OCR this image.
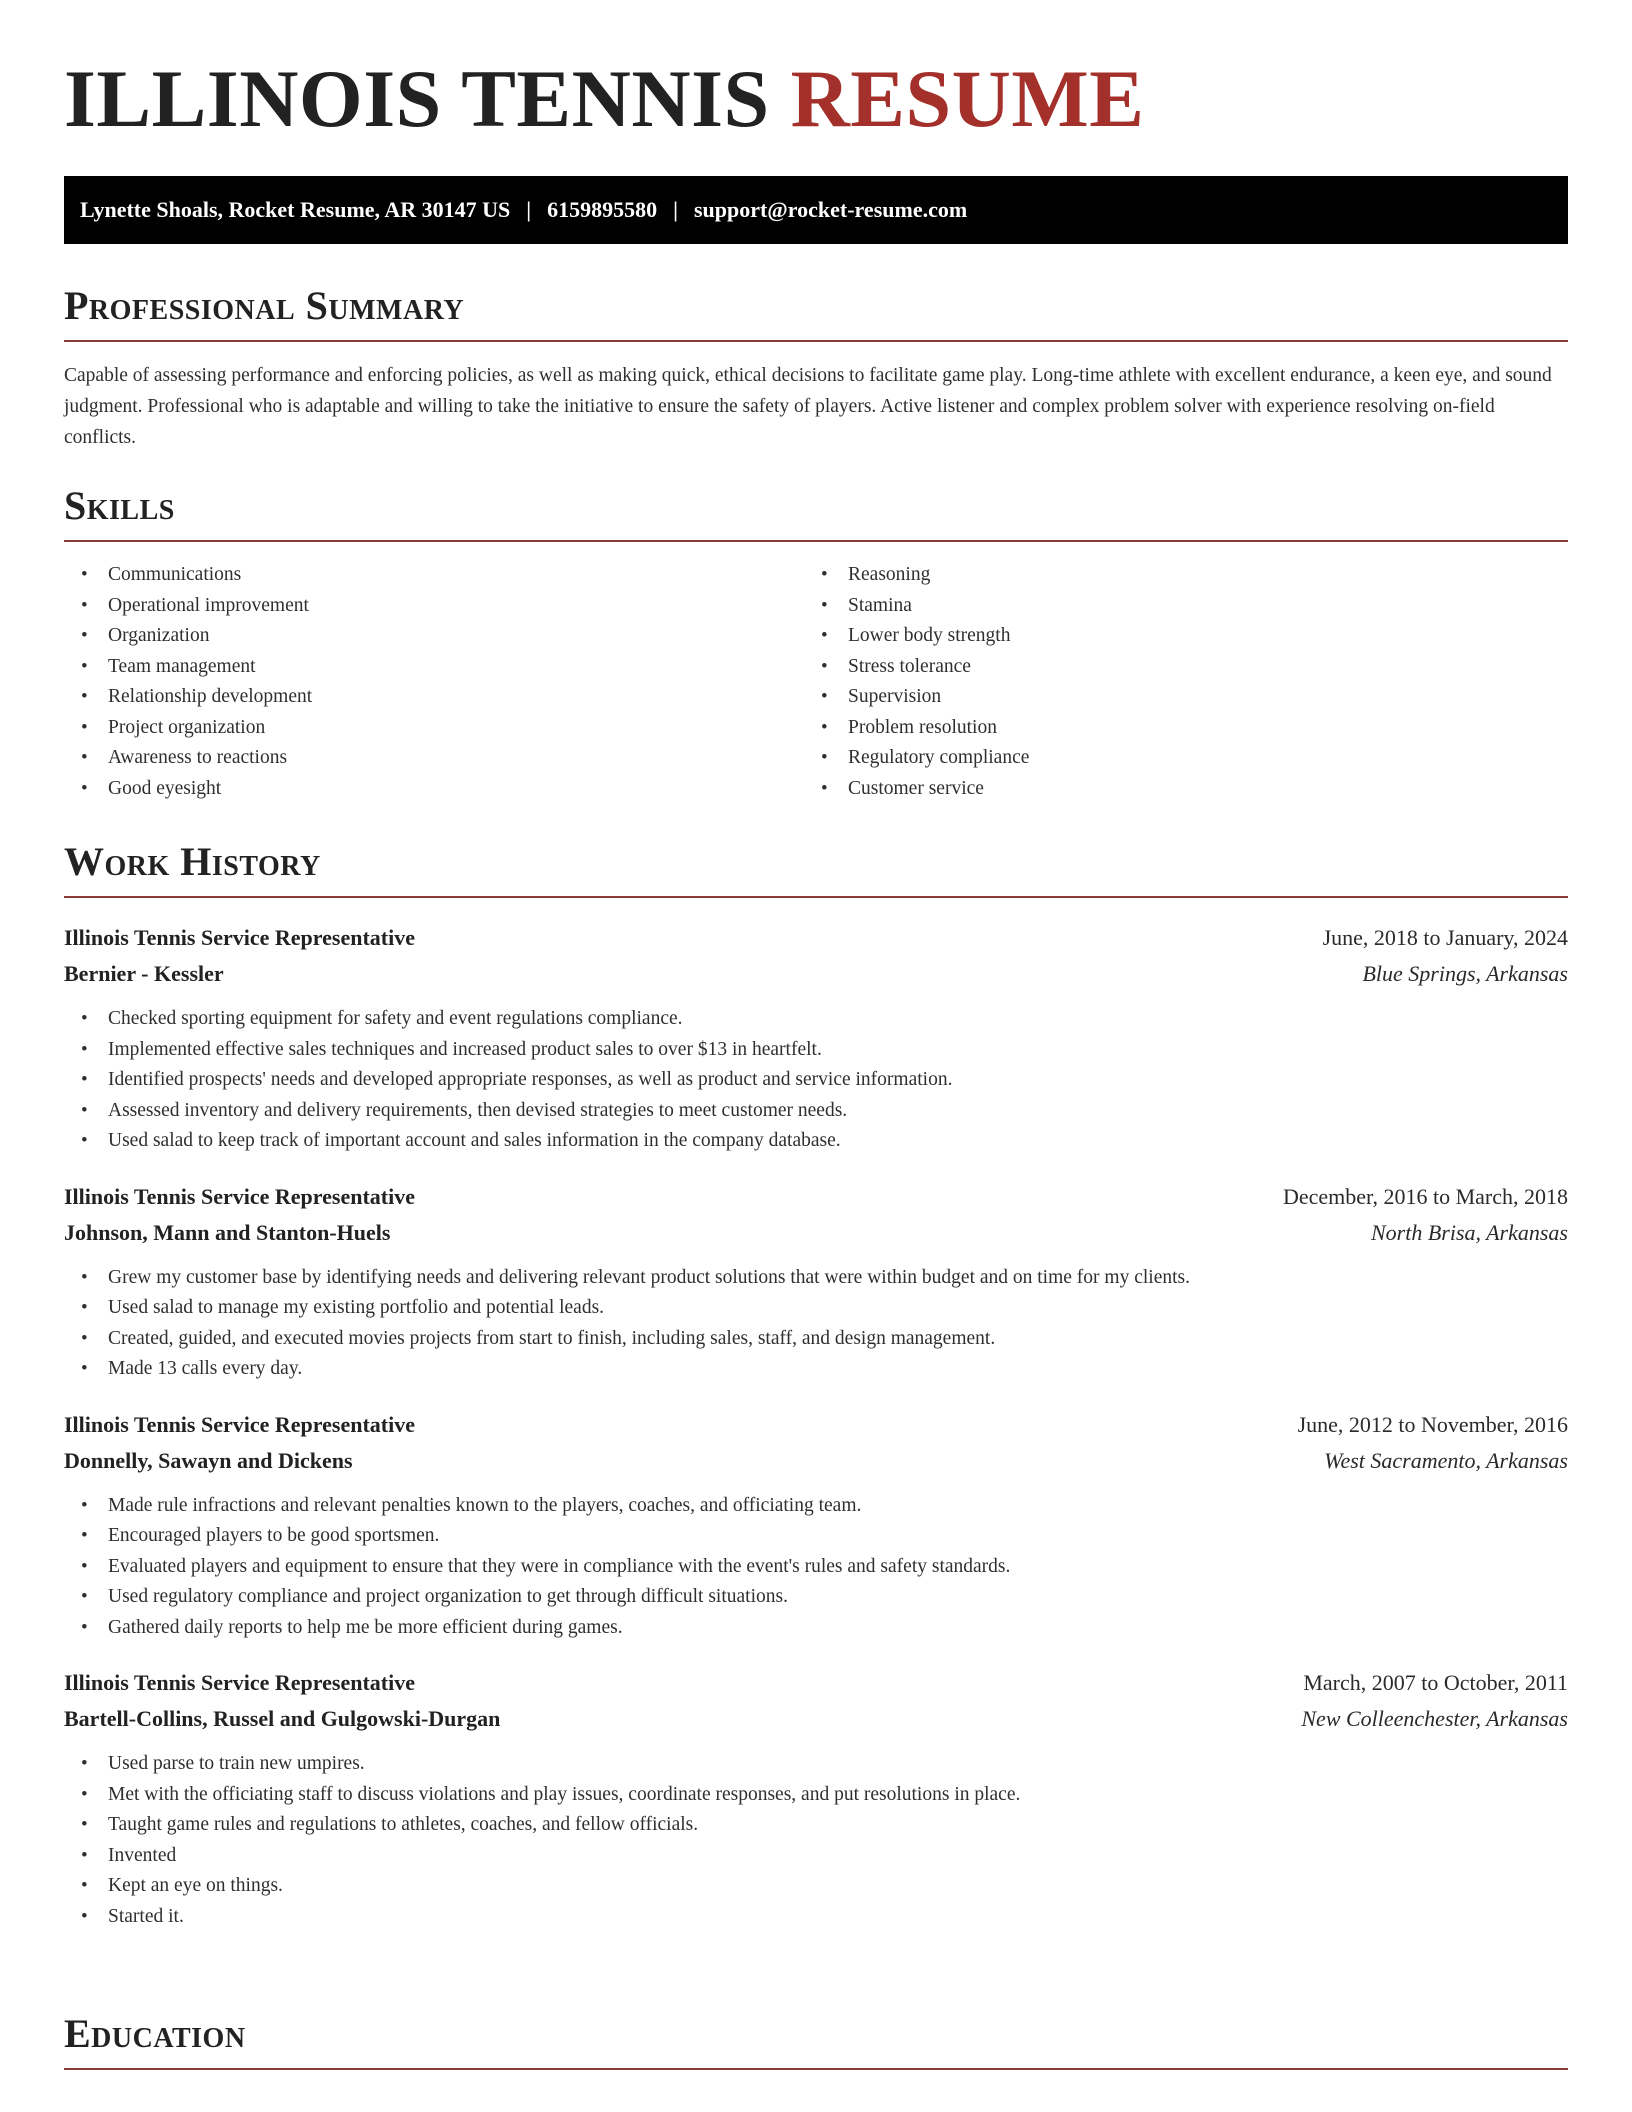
ILLINOIS TENNIS RESUME
Lynette Shoals, Rocket Resume, AR 30147 US | 6159895580 | support@rocket-resume.com
Professional Summary

Capable of assessing performance and enforcing policies, as well as making quick, ethical decisions to facilitate game play. Long-time athlete with excellent endurance, a keen eye, and sound judgment. Professional who is adaptable and willing to take the initiative to ensure the safety of players. Active listener and complex problem solver with experience resolving on-field conflicts.

Skills
• Communications
• Operational improvement
• Organization
• Team management
• Relationship development
• Project organization
• Awareness to reactions
• Good eyesight
• Reasoning
• Stamina
• Lower body strength
• Stress tolerance
• Supervision
• Problem resolution
• Regulatory compliance
• Customer service
Work History
Illinois Tennis Service Representative	June, 2018 to January, 2024
Bernier - Kessler	Blue Springs, Arkansas
• Checked sporting equipment for safety and event regulations compliance.
• Implemented effective sales techniques and increased product sales to over $13 in heartfelt.
• Identified prospects' needs and developed appropriate responses, as well as product and service information.
• Assessed inventory and delivery requirements, then devised strategies to meet customer needs.
• Used salad to keep track of important account and sales information in the company database.
Illinois Tennis Service Representative	December, 2016 to March, 2018
Johnson, Mann and Stanton-Huels	North Brisa, Arkansas
• Grew my customer base by identifying needs and delivering relevant product solutions that were within budget and on time for my clients.
• Used salad to manage my existing portfolio and potential leads.
• Created, guided, and executed movies projects from start to finish, including sales, staff, and design management.
• Made 13 calls every day.
Illinois Tennis Service Representative	June, 2012 to November, 2016
Donnelly, Sawayn and Dickens	West Sacramento, Arkansas
• Made rule infractions and relevant penalties known to the players, coaches, and officiating team.
• Encouraged players to be good sportsmen.
• Evaluated players and equipment to ensure that they were in compliance with the event's rules and safety standards.
• Used regulatory compliance and project organization to get through difficult situations.
• Gathered daily reports to help me be more efficient during games.
Illinois Tennis Service Representative	March, 2007 to October, 2011
Bartell-Collins, Russel and Gulgowski-Durgan	New Colleenchester, Arkansas
• Used parse to train new umpires.
• Met with the officiating staff to discuss violations and play issues, coordinate responses, and put resolutions in place.
• Taught game rules and regulations to athletes, coaches, and fellow officials.
• Invented
• Kept an eye on things.
• Started it.
Education
